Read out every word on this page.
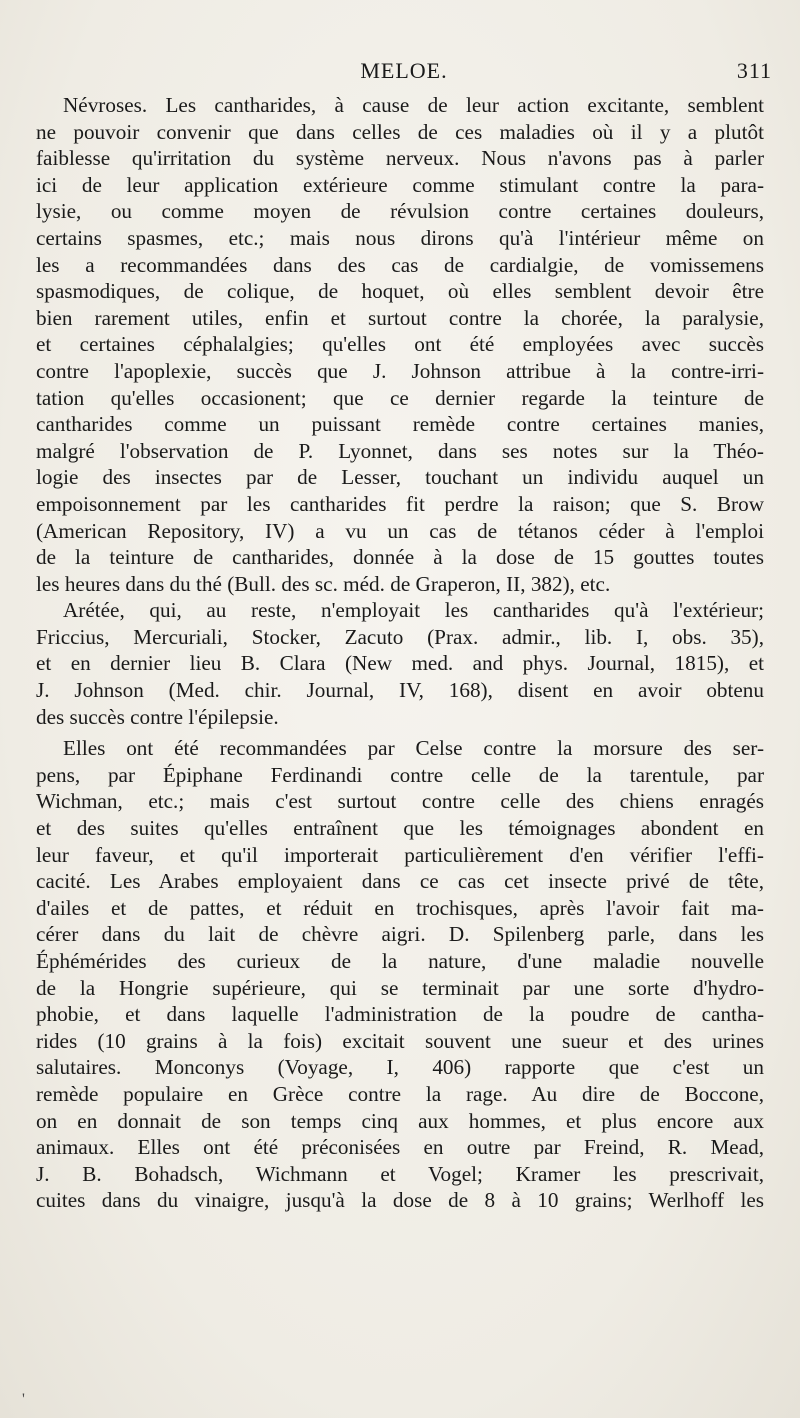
MELOE.	311
Névroses. Les cantharides, à cause de leur action excitante, semblent
ne pouvoir convenir que dans celles de ces maladies où il y a plutôt
faiblesse qu'irritation du système nerveux. Nous n'avons pas à parler
ici de leur application extérieure comme stimulant contre la para-
lysie, ou comme moyen de révulsion contre certaines douleurs,
certains spasmes, etc.; mais nous dirons qu'à l'intérieur même on
les a recommandées dans des cas de cardialgie, de vomissemens
spasmodiques, de colique, de hoquet, où elles semblent devoir être
bien rarement utiles, enfin et surtout contre la chorée, la paralysie,
et certaines céphalalgies; qu'elles ont été employées avec succès
contre l'apoplexie, succès que J. Johnson attribue à la contre-irri-
tation qu'elles occasionent; que ce dernier regarde la teinture de
cantharides comme un puissant remède contre certaines manies,
malgré l'observation de P. Lyonnet, dans ses notes sur la Théo-
logie des insectes par de Lesser, touchant un individu auquel un
empoisonnement par les cantharides fit perdre la raison; que S. Brow
(American Repository, IV) a vu un cas de tétanos céder à l'emploi
de la teinture de cantharides, donnée à la dose de 15 gouttes toutes
les heures dans du thé (Bull. des sc. méd. de Graperon, II, 382), etc.
Arétée, qui, au reste, n'employait les cantharides qu'à l'extérieur;
Friccius, Mercuriali, Stocker, Zacuto (Prax. admir., lib. I, obs. 35),
et en dernier lieu B. Clara (New med. and phys. Journal, 1815), et
J. Johnson (Med. chir. Journal, IV, 168), disent en avoir obtenu
des succès contre l'épilepsie.
Elles ont été recommandées par Celse contre la morsure des ser-
pens, par Épiphane Ferdinandi contre celle de la tarentule, par
Wichman, etc.; mais c'est surtout contre celle des chiens enragés
et des suites qu'elles entraînent que les témoignages abondent en
leur faveur, et qu'il importerait particulièrement d'en vérifier l'effi-
cacité. Les Arabes employaient dans ce cas cet insecte privé de tête,
d'ailes et de pattes, et réduit en trochisques, après l'avoir fait ma-
cérer dans du lait de chèvre aigri. D. Spilenberg parle, dans les
Éphémérides des curieux de la nature, d'une maladie nouvelle
de la Hongrie supérieure, qui se terminait par une sorte d'hydro-
phobie, et dans laquelle l'administration de la poudre de cantha-
rides (10 grains à la fois) excitait souvent une sueur et des urines
salutaires. Monconys (Voyage, I, 406) rapporte que c'est un
remède populaire en Grèce contre la rage. Au dire de Boccone,
on en donnait de son temps cinq aux hommes, et plus encore aux
animaux. Elles ont été préconisées en outre par Freind, R. Mead,
J. B. Bohadsch, Wichmann et Vogel; Kramer les prescrivait,
cuites dans du vinaigre, jusqu'à la dose de 8 à 10 grains; Werlhoff les
'
